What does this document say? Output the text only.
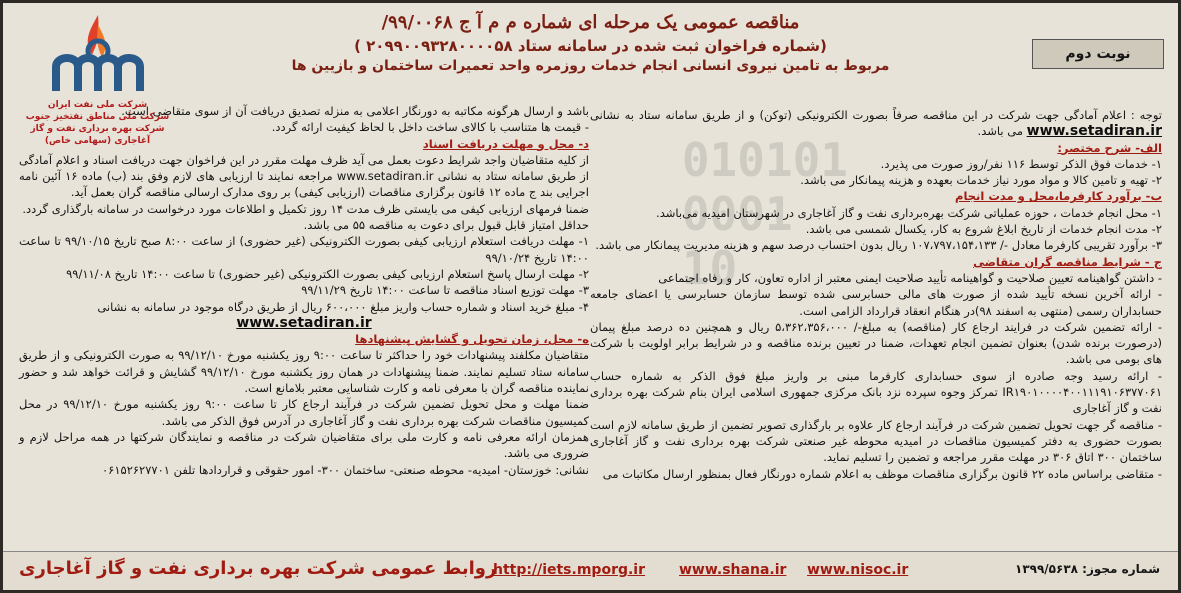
010101
0001
10
شرکت ملی نفت ایران
شرکت ملی مناطق نفتخیز جنوب
شرکت بهره برداری نفت و گاز آغاجاری (سهامی خاص)
نوبت دوم
مناقصه عمومی یک مرحله ای شماره م م آ ج ۹۹/۰۰۶۸/
(شماره فراخوان ثبت شده در سامانه ستاد ۲۰۹۹۰۰۹۳۲۸۰۰۰۰۵۸ )
مربوط به تامین نیروی انسانی انجام خدمات روزمره واحد تعمیرات ساختمان و بازیین ها

توجه : اعلام آمادگی جهت شرکت در این مناقصه صرفاً بصورت الکترونیکی (توکن) و از طریق سامانه ستاد به نشانی www.setadiran.ir می باشد.

الف- شرح مختصر:

۱- خدمات فوق الذکر توسط ۱۱۶ نفر/روز صورت می پذیرد.

۲- تهیه و تامین کالا و مواد مورد نیاز خدمات بعهده و هزینه پیمانکار می باشد.

ب- برآورد کارفرما،محل و مدت انجام

۱- محل انجام خدمات ، حوزه عملیاتی شرکت بهره‌برداری نفت و گاز آغاجاری در شهرستان امیدیه می‌باشد.

۲- مدت انجام خدمات از تاریخ ابلاغ شروع به کار، یکسال شمسی می باشد.

۳- برآورد تقریبی کارفرما معادل -/ ۱۰۷،۷۹۷،۱۵۴،۱۳۳ ریال بدون احتساب درصد سهم و هزینه مدیریت پیمانکار می باشد.

ج - شرایط مناقصه گران متقاضی

- داشتن گواهینامه تعیین صلاحیت و گواهینامه تأیید صلاحیت ایمنی معتبر از اداره تعاون، کار و رفاه اجتماعی

- ارائه آخرین نسخه تأیید شده از صورت های مالی حسابرسی شده توسط سازمان حسابرسی یا اعضای جامعه حسابداران رسمی (منتهی به اسفند ۹۸)در هنگام انعقاد قرارداد الزامی است.

- ارائه تضمین شرکت در فرایند ارجاع کار (مناقصه) به مبلغ-/ ۵،۳۶۲،۳۵۶،۰۰۰ ریال و همچنین ده درصد مبلغ پیمان (درصورت برنده شدن) بعنوان تضمین انجام تعهدات، ضمنا در تعیین برنده مناقصه و در شرایط برابر اولویت با شرکت های بومی می باشد.

- ارائه رسید وجه صادره از سوی حسابداری کارفرما مبنی بر واریز مبلغ فوق الذکر به شماره حساب IR۱۹۰۱۰۰۰۰۴۰۰۱۱۱۹۱۰۶۳۷۷۰۶۱ تمرکز وجوه سپرده نزد بانک مرکزی جمهوری اسلامی ایران بنام شرکت بهره برداری نفت و گاز آغاجاری

- مناقصه گر جهت تحویل تضمین شرکت در فرآیند ارجاع کار علاوه بر بارگذاری تصویر تضمین از طریق سامانه لازم است بصورت حضوری به دفتر کمیسیون مناقصات در امیدیه محوطه غیر صنعتی شرکت بهره برداری نفت و گاز آغاجاری ساختمان ۳۰۰ اتاق ۳۰۶ در مهلت مقرر مراجعه و تضمین را تسلیم نماید.

- متقاضی براساس ماده ۲۲ قانون برگزاری مناقصات موظف به اعلام شماره دورنگار فعال بمنظور ارسال مکاتبات می

باشد و ارسال هرگونه مکاتبه به دورنگار اعلامی به منزله تصدیق دریافت آن از سوی متقاضی است.

- قیمت ها متناسب با کالای ساخت داخل با لحاظ کیفیت ارائه گردد.

د- محل و مهلت دریافت اسناد

از کلیه متقاضیان واجد شرایط دعوت بعمل می آید ظرف مهلت مقرر در این فراخوان جهت دریافت اسناد و اعلام آمادگی از طریق سامانه ستاد به نشانی www.setadiran.ir مراجعه نمایند تا ارزیابی های لازم وفق بند (ب) ماده ۱۶ آئین نامه اجرایی بند ج ماده ۱۲ قانون برگزاری مناقصات (ارزیابی کیفی) بر روی مدارک ارسالی مناقصه گران بعمل آید.

ضمنا فرمهای ارزیابی کیفی می بایستی ظرف مدت ۱۴ روز تکمیل و اطلاعات مورد درخواست در سامانه بارگذاری گردد.

حداقل امتیاز قابل قبول برای دعوت به مناقصه ۵۵ می باشد.

۱- مهلت دریافت استعلام ارزیابی کیفی بصورت الکترونیکی (غیر حضوری) از ساعت ۸:۰۰ صبح تاریخ ۹۹/۱۰/۱۵ تا ساعت ۱۴:۰۰ تاریخ ۹۹/۱۰/۲۴

۲- مهلت ارسال پاسخ استعلام ارزیابی کیفی بصورت الکترونیکی (غیر حضوری) تا ساعت ۱۴:۰۰ تاریخ ۹۹/۱۱/۰۸

۳- مهلت توزیع اسناد مناقصه تا ساعت ۱۴:۰۰ تاریخ ۹۹/۱۱/۲۹

۴- مبلغ خرید اسناد و شماره حساب واریز مبلغ ۶۰۰،۰۰۰ ریال از طریق درگاه موجود در سامانه به نشانی

www.setadiran.ir

ه- محل، زمان تحویل و گشایش پیشنهادها

متقاضیان مکلفند پیشنهادات خود را حداکثر تا ساعت ۹:۰۰ روز یکشنبه مورخ ۹۹/۱۲/۱۰ به صورت الکترونیکی و از طریق سامانه ستاد تسلیم نمایند. ضمنا پیشنهادات در همان روز یکشنبه مورخ ۹۹/۱۲/۱۰ گشایش و قرائت خواهد شد و حضور نماینده مناقصه گران با معرفی نامه و کارت شناسایی معتبر بلامانع است.

ضمنا مهلت و محل تحویل تضمین شرکت در فرآیند ارجاع کار تا ساعت ۹:۰۰ روز یکشنبه مورخ ۹۹/۱۲/۱۰ در محل کمیسیون مناقصات شرکت بهره برداری نفت و گاز آغاجاری در آدرس فوق الذکر می باشد.

همزمان ارائه معرفی نامه و کارت ملی برای متقاضیان شرکت در مناقصه و نمایندگان شرکتها در همه مراحل لازم و ضروری می باشد.

نشانی: خوزستان- امیدیه- محوطه صنعتی- ساختمان ۳۰۰- امور حقوقی و قراردادها تلفن ۰۶۱۵۲۶۲۷۷۰۱

روابط عمومی شرکت بهره برداری نفت و گاز آغاجاری
http://iets.mporg.ir www.shana.ir www.nisoc.ir	شماره مجوز: ۱۳۹۹/۵۶۳۸
